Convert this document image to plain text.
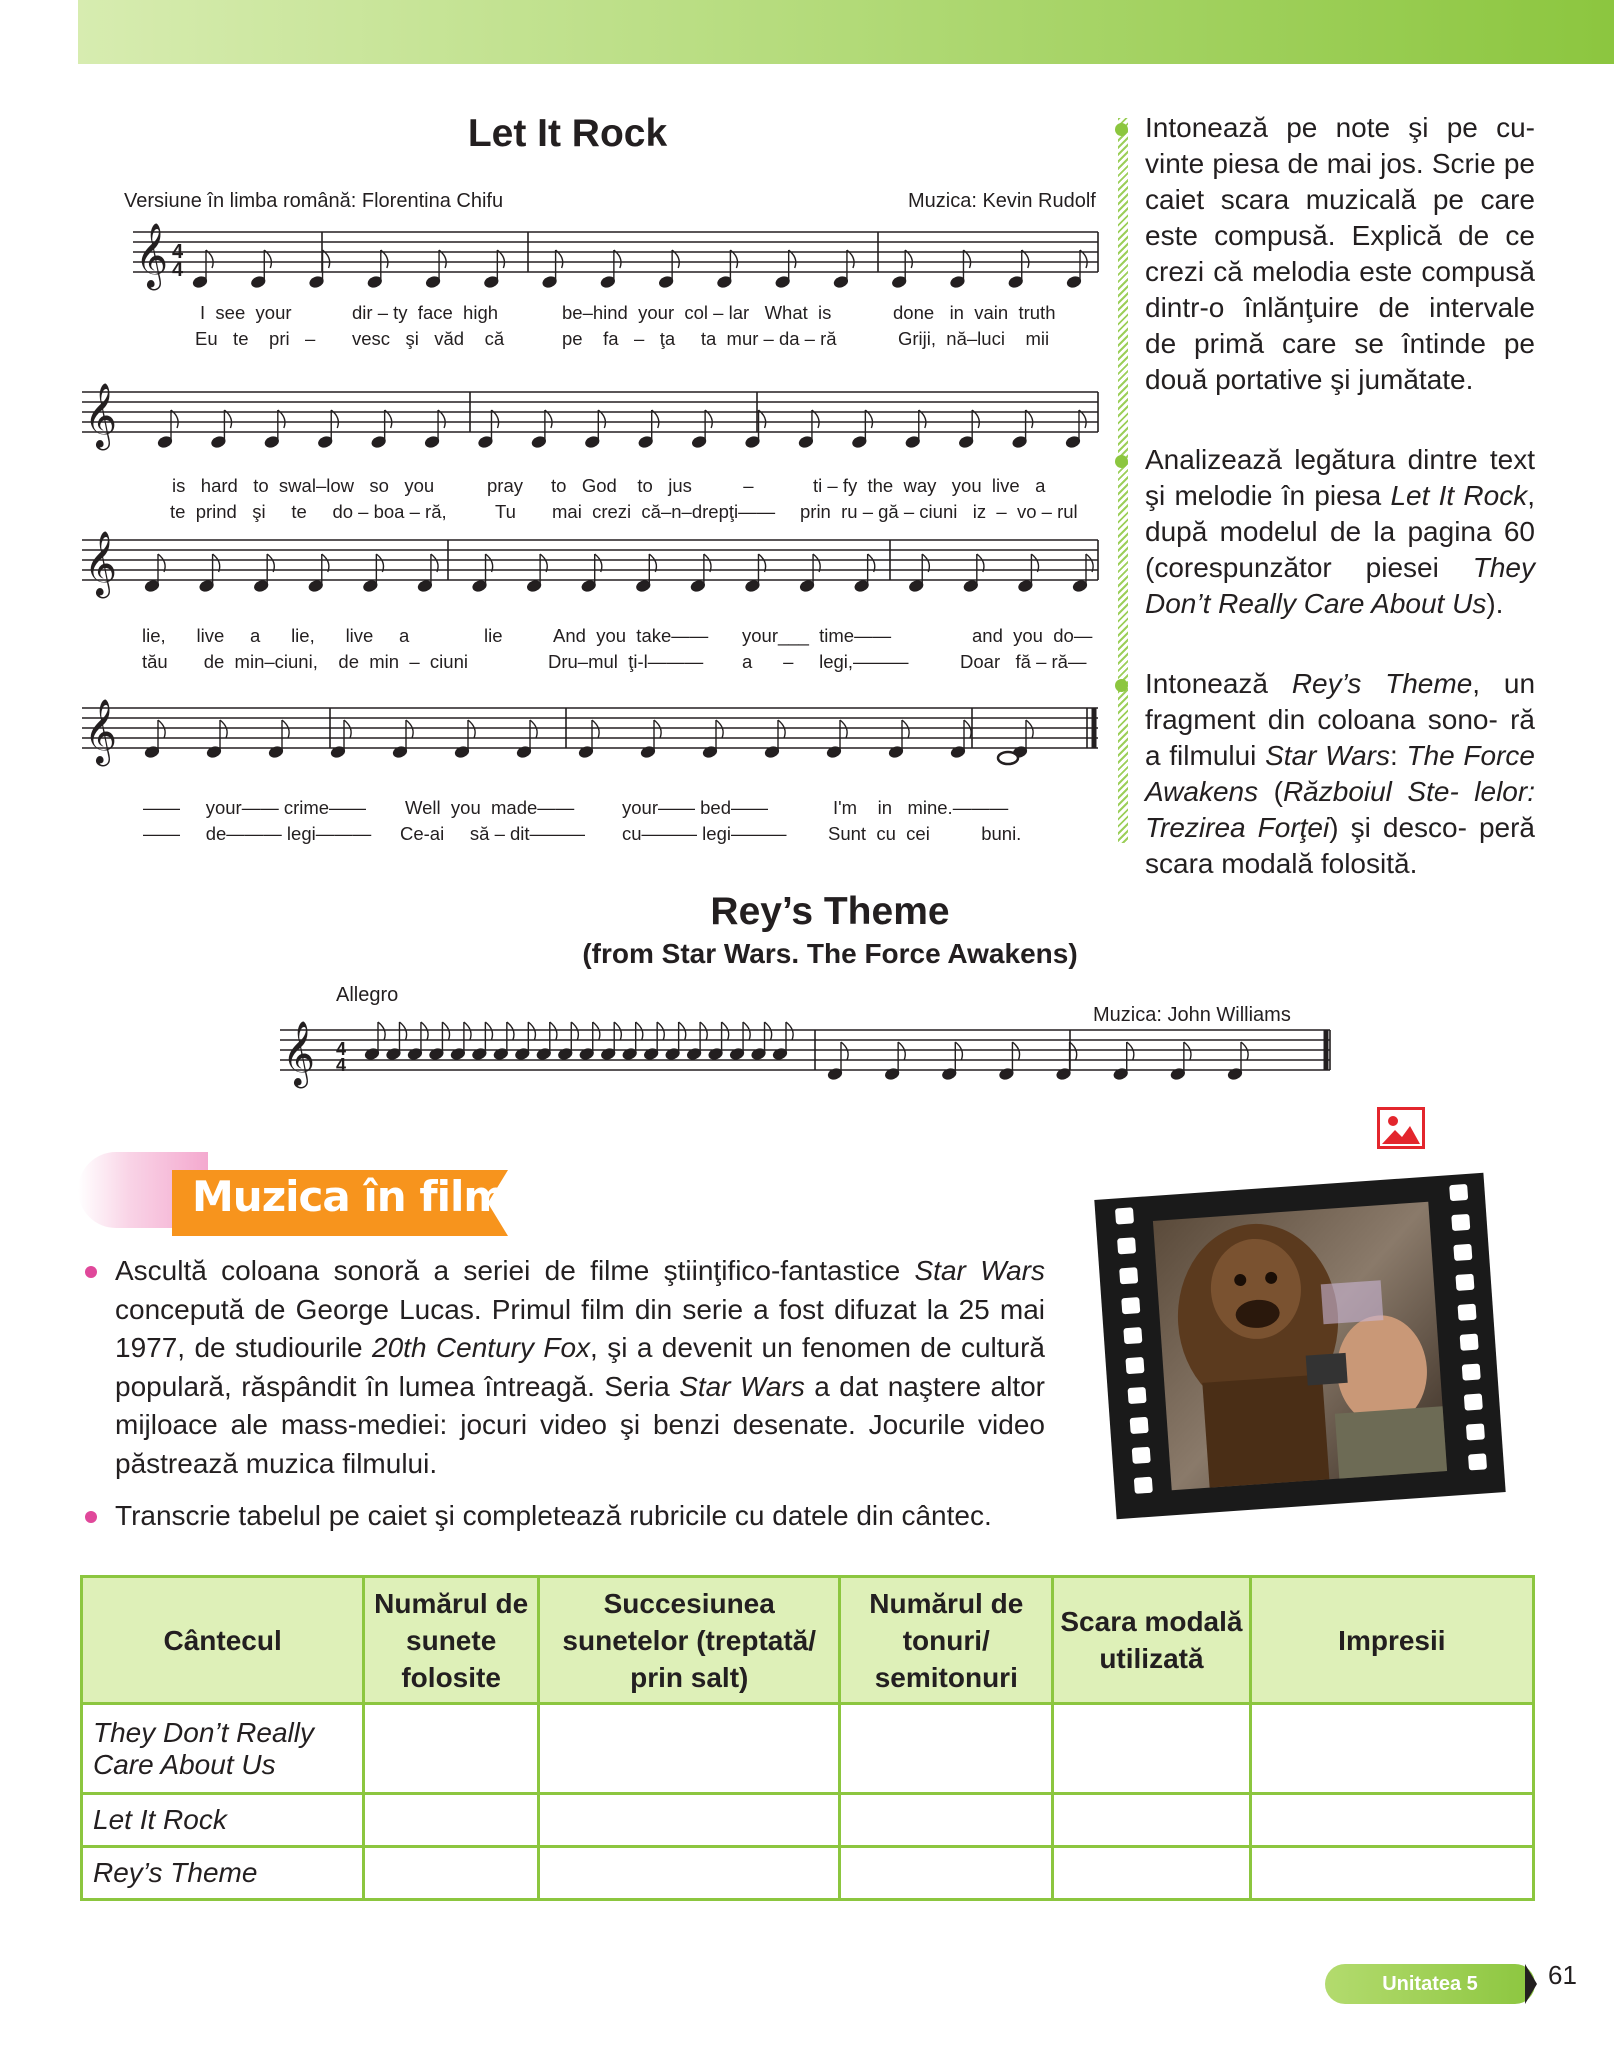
Let It Rock
Versiune în limba română: Florentina Chifu	Muzica: Kevin Rudolf
𝄞 4
4
𝄞
𝄞
𝄞
𝄞 4
4
I  see  your	dir – ty  face  high	be–hind  your  col – lar   What  is	done   in  vain  truth
Eu   te    pri   – vesc   şi   văd    că	pe    fa   –   ţa     ta  mur – da – ră	Griji,  nă–luci    mii
is   hard   to  swal–low   so   you	pray to   God    to   jus          –	ti – fy  the  way   you  live   a
te  prind   şi     te     do – boa – ră,	Tu mai  crezi  că–n–drepţi—— prin  ru – gă – ciuni   iz  –  vo – rul
lie,      live     a      lie,      live     a	lie	And  you  take—— your___  time——	and  you  do—
tău       de  min–ciuni,    de  min  –  ciuni	Dru–mul  ţi-l——— a      –     legi,———	Doar   fă – ră—
——     your—— crime—— Well  you  made——	your—— bed——	I'm    in   mine.———
——     de——— legi——— Ce-ai     să – dit——— cu——— legi——— Sunt  cu  cei          buni.

Intonează pe note şi pe cu- vinte piesa de mai jos. Scrie pe caiet scara muzicală pe care este compusă. Explică de ce crezi că melodia este compusă dintr-o înlănţuire de intervale de primă care se întinde pe două portative şi jumătate.

Analizează legătura dintre text şi melodie în piesa Let It Rock, după modelul de la pagina 60 (corespunzător piesei They Don’t Really Care About Us).

Intonează Rey’s Theme, un fragment din coloana sono- ră a filmului Star Wars: The Force Awakens (Războiul Ste- lelor: Trezirea Forţei) şi desco- peră scara modală folosită.

Rey’s Theme
(from Star Wars. The Force Awakens)
Allegro
Muzica: John Williams
Muzica în filme

Ascultă coloana sonoră a seriei de filme ştiinţifico-fantastice Star Wars concepută de George Lucas. Primul film din serie a fost difuzat la 25 mai 1977, de studiourile 20th Century Fox, şi a devenit un fenomen de cultură populară, răspândit în lumea întreagă. Seria Star Wars a dat naştere altor mijloace ale mass-mediei: jocuri video şi benzi desenate. Jocurile video păstrează muzica filmului.

Transcrie tabelul pe caiet şi completează rubricile cu datele din cântec.

Cântecul	Numărul de sunete folosite	Succesiunea sunetelor (treptată/ prin salt)	Numărul de tonuri/ semitonuri	Scara modală utilizată	Impresii
They Don’t Really Care About Us					
Let It Rock					
Rey’s Theme					
Unitatea 5	61
